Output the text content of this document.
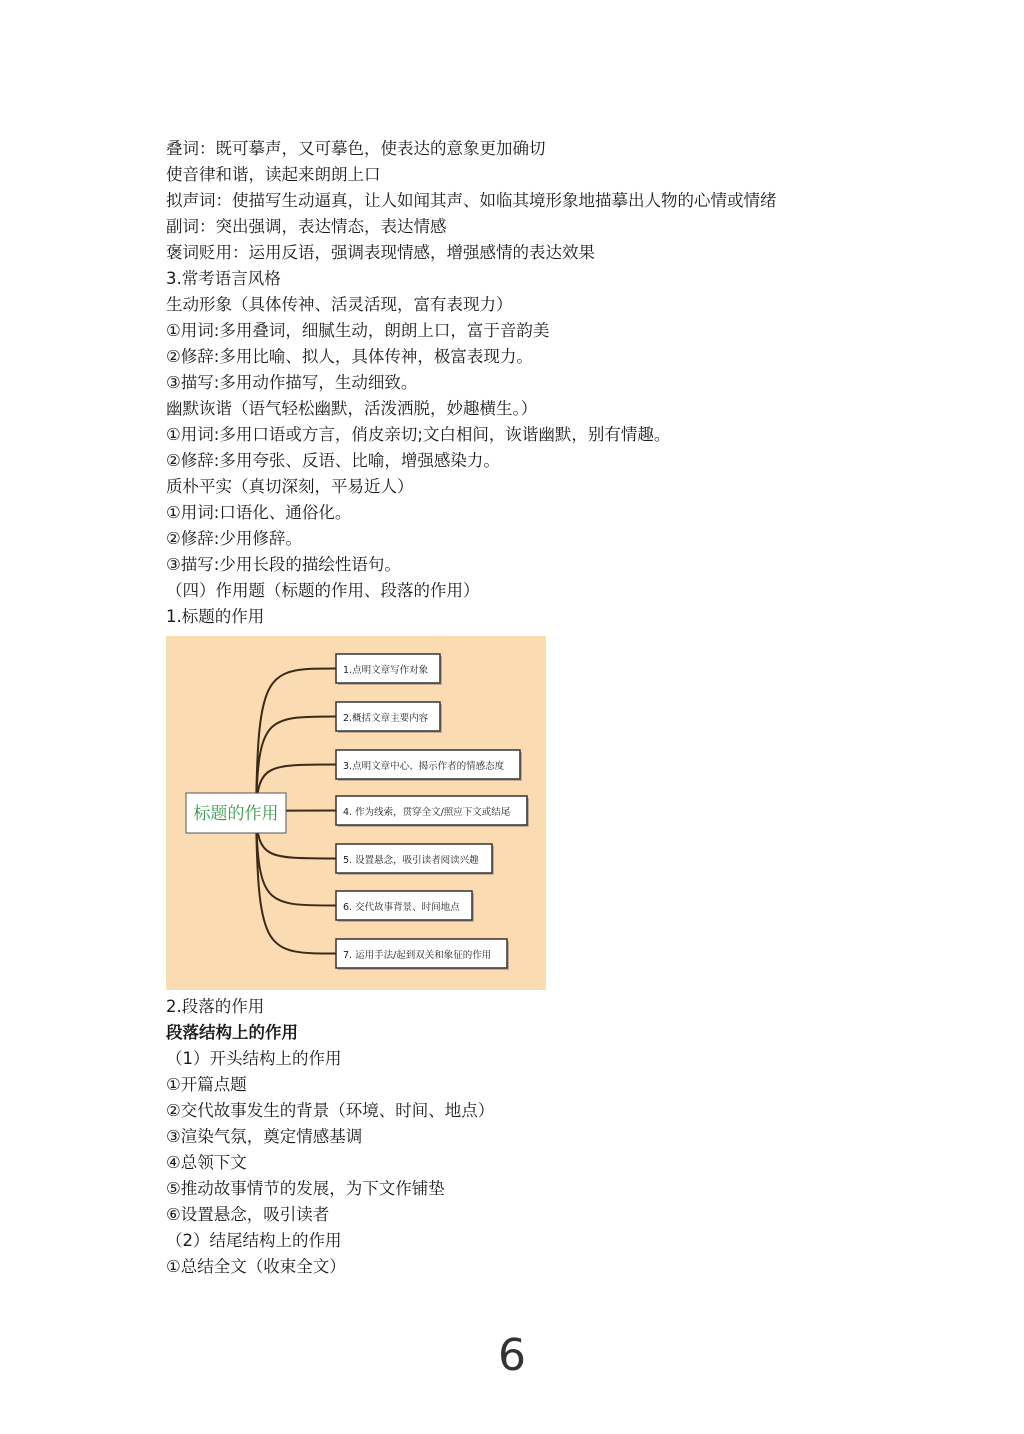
叠词：既可摹声，又可摹色，使表达的意象更加确切
使音律和谐，读起来朗朗上口
拟声词：使描写生动逼真，让人如闻其声、如临其境形象地描摹出人物的心情或情绪
副词：突出强调，表达情态，表达情感
褒词贬用：运用反语，强调表现情感，增强感情的表达效果
3.常考语言风格
生动形象（具体传神、活灵活现，富有表现力）
①用词:多用叠词，细腻生动，朗朗上口，富于音韵美
②修辞:多用比喻、拟人，具体传神，极富表现力。
③描写:多用动作描写，生动细致。
幽默诙谐（语气轻松幽默，活泼洒脱，妙趣横生。）
①用词:多用口语或方言，俏皮亲切;文白相间，诙谐幽默，别有情趣。
②修辞:多用夸张、反语、比喻，增强感染力。
质朴平实（真切深刻，平易近人）
①用词:口语化、通俗化。
②修辞:少用修辞。
③描写:少用长段的描绘性语句。
（四）作用题（标题的作用、段落的作用）
1.标题的作用
标题的作用
1.点明文章写作对象
2.概括文章主要内容
3.点明文章中心、揭示作者的情感态度
4. 作为线索，贯穿全文/照应下文或结尾
5. 设置悬念，吸引读者阅读兴趣
6. 交代故事背景、时间地点
7. 运用手法/起到双关和象征的作用
2.段落的作用
段落结构上的作用
（1）开头结构上的作用
①开篇点题
②交代故事发生的背景（环境、时间、地点）
③渲染气氛，奠定情感基调
④总领下文
⑤推动故事情节的发展，为下文作铺垫
⑥设置悬念，吸引读者
（2）结尾结构上的作用
①总结全文（收束全文）
6
